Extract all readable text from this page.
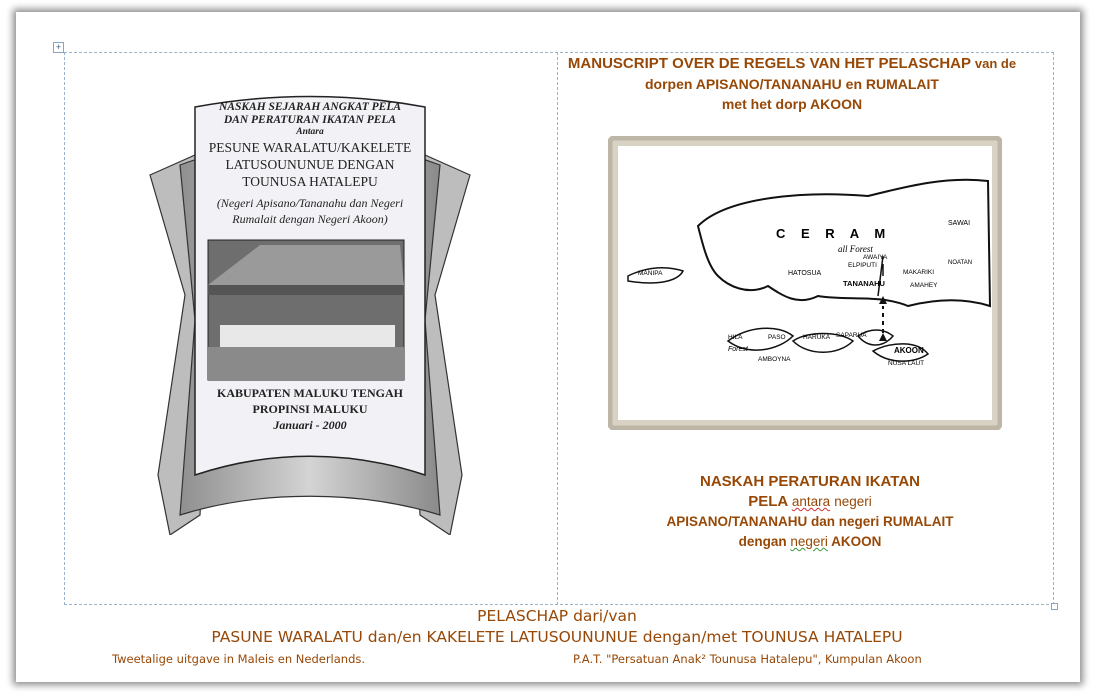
+
NASKAH SEJARAH ANGKAT PELA
DAN PERATURAN IKATAN PELA
Antara
PESUNE WARALATU/KAKELETE
LATUSOUNUNUE DENGAN
TOUNUSA HATALEPU
(Negeri Apisano/Tananahu dan Negeri
Rumalait dengan Negeri Akoon)
KABUPATEN MALUKU TENGAH
PROPINSI MALUKU
Januari - 2000
MANUSCRIPT OVER DE REGELS VAN HET PELASCHAP van de
dorpen APISANO/TANANAHU en RUMALAIT
met het dorp AKOON
C E R A M
all Forest
SAWAI
HATOSUA
ELPIPUTI
AWAIYA
TANANAHU
MAKARIKI
AMAHEY
MANIPA
HILA	PASO	HARUKA SAPARUA
AKOON
NUSA LAUT
AMBOYNA
Forest
NOATAN
NASKAH PERATURAN IKATAN
PELA antara negeri
APISANO/TANANAHU dan negeri RUMALAIT
dengan negeri AKOON
PELASCHAP dari/van
PASUNE WARALATU dan/en KAKELETE LATUSOUNUNUE dengan/met TOUNUSA HATALEPU
Tweetalige uitgave in Maleis en Nederlands.	P.A.T. "Persatuan Anak² Tounusa Hatalepu", Kumpulan Akoon
